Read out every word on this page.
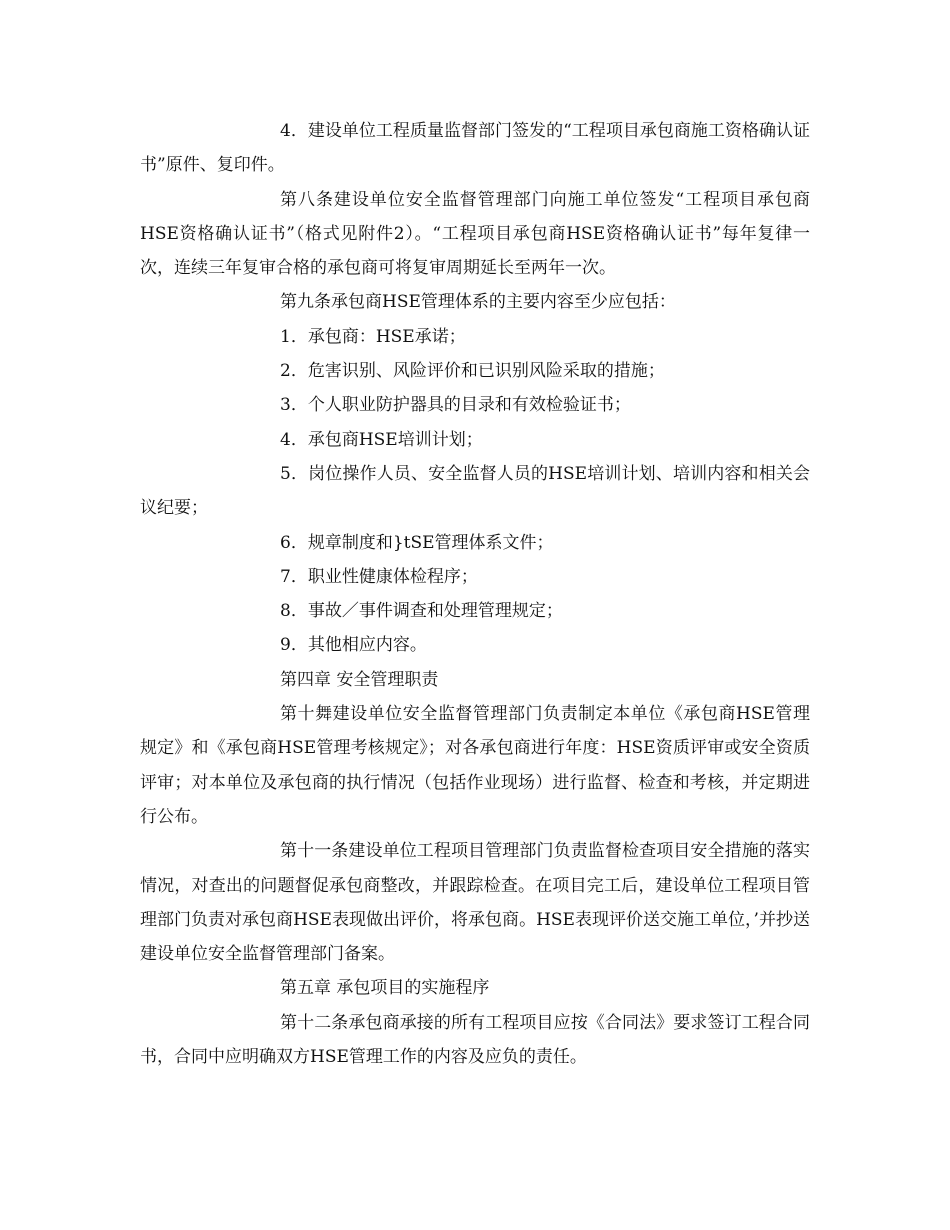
4．建设单位工程质量监督部门签发的“工程项目承包商施工资格确认证书”原件、复印件。

第八条建设单位安全监督管理部门向施工单位签发“工程项目承包商HSE资格确认证书”（格式见附件2）。“工程项目承包商HSE资格确认证书”每年复律一次，连续三年复审合格的承包商可将复审周期延长至两年一次。

第九条承包商HSE管理体系的主要内容至少应包括：

1．承包商：HSE承诺；

2．危害识别、风险评价和已识别风险采取的措施；

3．个人职业防护器具的目录和有效检验证书；

4．承包商HSE培训计划；

5．岗位操作人员、安全监督人员的HSE培训计划、培训内容和相关会议纪要；

6．规章制度和}tSE管理体系文件；

7．职业性健康体检程序；

8．事故／事件调查和处理管理规定；

9．其他相应内容。

第四章 安全管理职责

第十舞建设单位安全监督管理部门负责制定本单位《承包商HSE管理规定》和《承包商HSE管理考核规定》；对各承包商进行年度：HSE资质评审或安全资质评审；对本单位及承包商的执行情况（包括作业现场）进行监督、检查和考核，并定期进行公布。

第十一条建设单位工程项目管理部门负责监督检查项目安全措施的落实情况，对查出的问题督促承包商整改，并跟踪检查。在项目完工后，建设单位工程项目管理部门负责对承包商HSE表现做出评价，将承包商。HSE表现评价送交施工单位，’并抄送建设单位安全监督管理部门备案。

第五章 承包项目的实施程序

第十二条承包商承接的所有工程项目应按《合同法》要求签订工程合同书，合同中应明确双方HSE管理工作的内容及应负的责任。
